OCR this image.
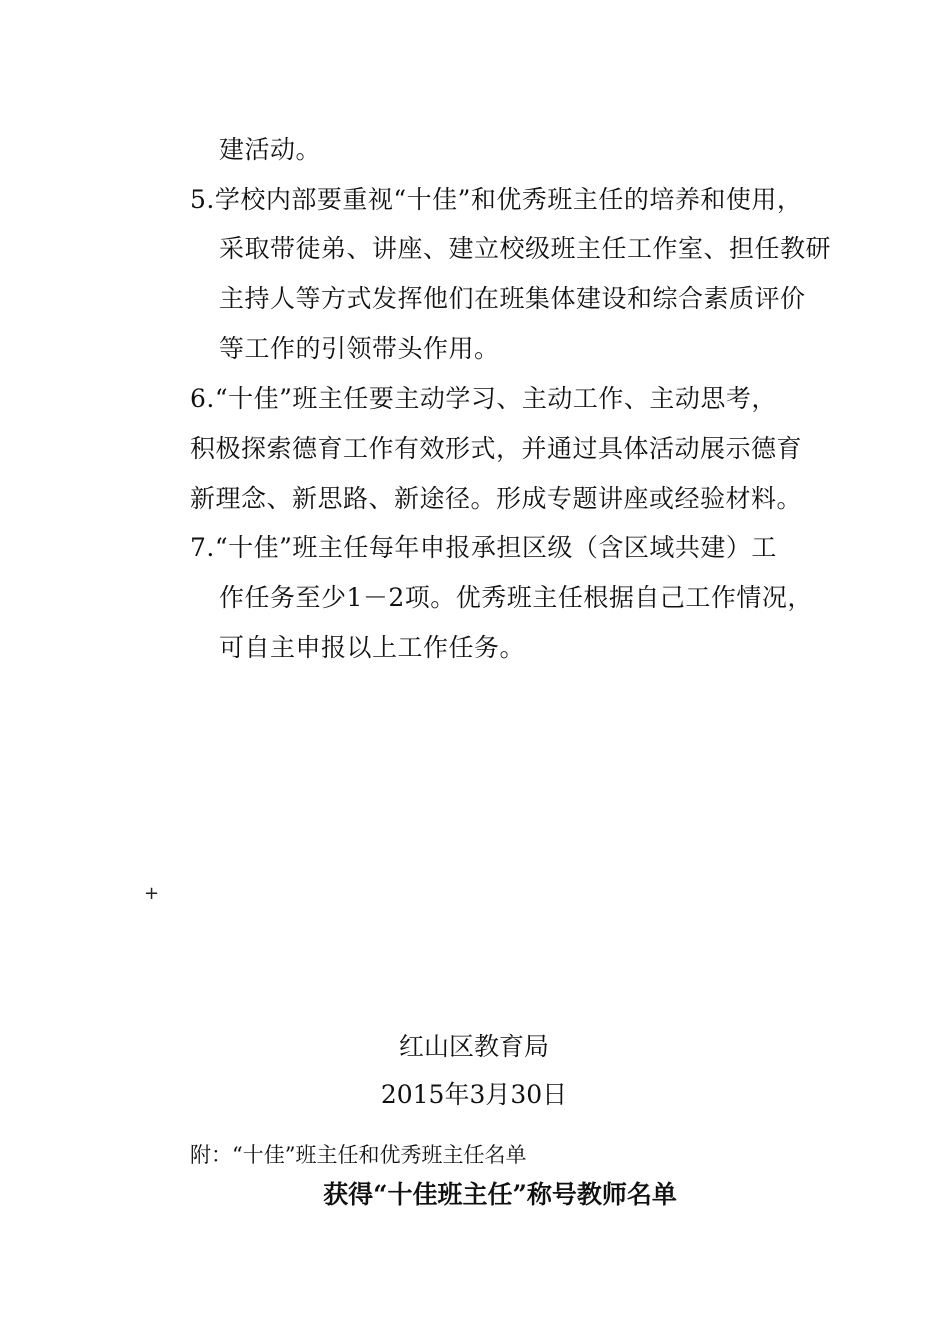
建活动。
5.学校内部要重视“十佳”和优秀班主任的培养和使用，
采取带徒弟、讲座、建立校级班主任工作室、担任教研
主持人等方式发挥他们在班集体建设和综合素质评价
等工作的引领带头作用。
6.“十佳”班主任要主动学习、主动工作、主动思考，
积极探索德育工作有效形式，并通过具体活动展示德育
新理念、新思路、新途径。形成专题讲座或经验材料。
7.“十佳”班主任每年申报承担区级（含区域共建）工
作任务至少1－2项。优秀班主任根据自己工作情况，
可自主申报以上工作任务。
+
红山区教育局
2015年3月30日
附：“十佳”班主任和优秀班主任名单
获得“十佳班主任”称号教师名单
